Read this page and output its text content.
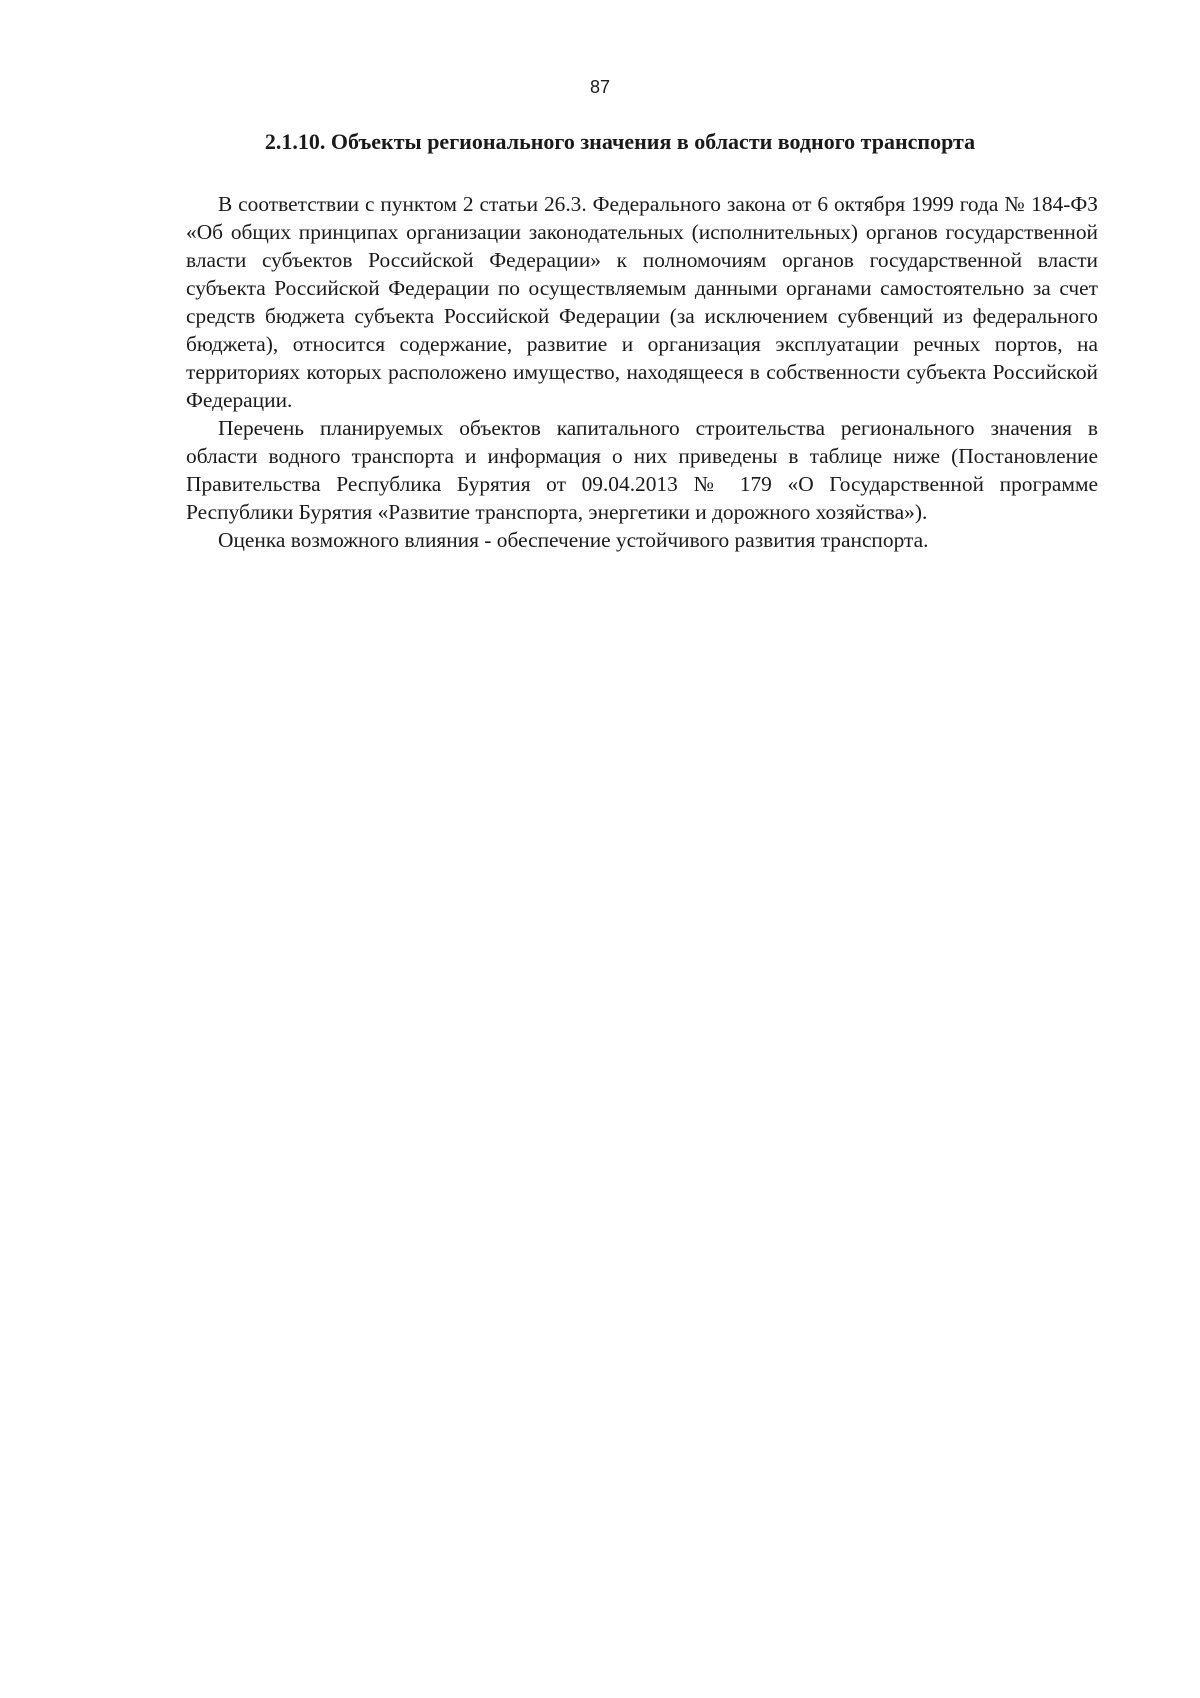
87
2.1.10. Объекты регионального значения в области водного транспорта

В соответствии с пунктом 2 статьи 26.3. Федерального закона от 6 октября 1999 года № 184-ФЗ «Об общих принципах организации законодательных (исполнительных) органов государственной власти субъектов Российской Федерации» к полномочиям органов государственной власти субъекта Российской Федерации по осуществляемым данными органами самостоятельно за счет средств бюджета субъекта Российской Федерации (за исключением субвенций из федерального бюджета), относится содержание, развитие и организация эксплуатации речных портов, на территориях которых расположено имущество, находящееся в собственности субъекта Российской Федерации.

Перечень планируемых объектов капитального строительства регионального значения в области водного транспорта и информация о них приведены в таблице ниже (Постановление Правительства Республика Бурятия от 09.04.2013 № 179 «О Государственной программе Республики Бурятия «Развитие транспорта, энергетики и дорожного хозяйства»).

Оценка возможного влияния - обеспечение устойчивого развития транспорта.
